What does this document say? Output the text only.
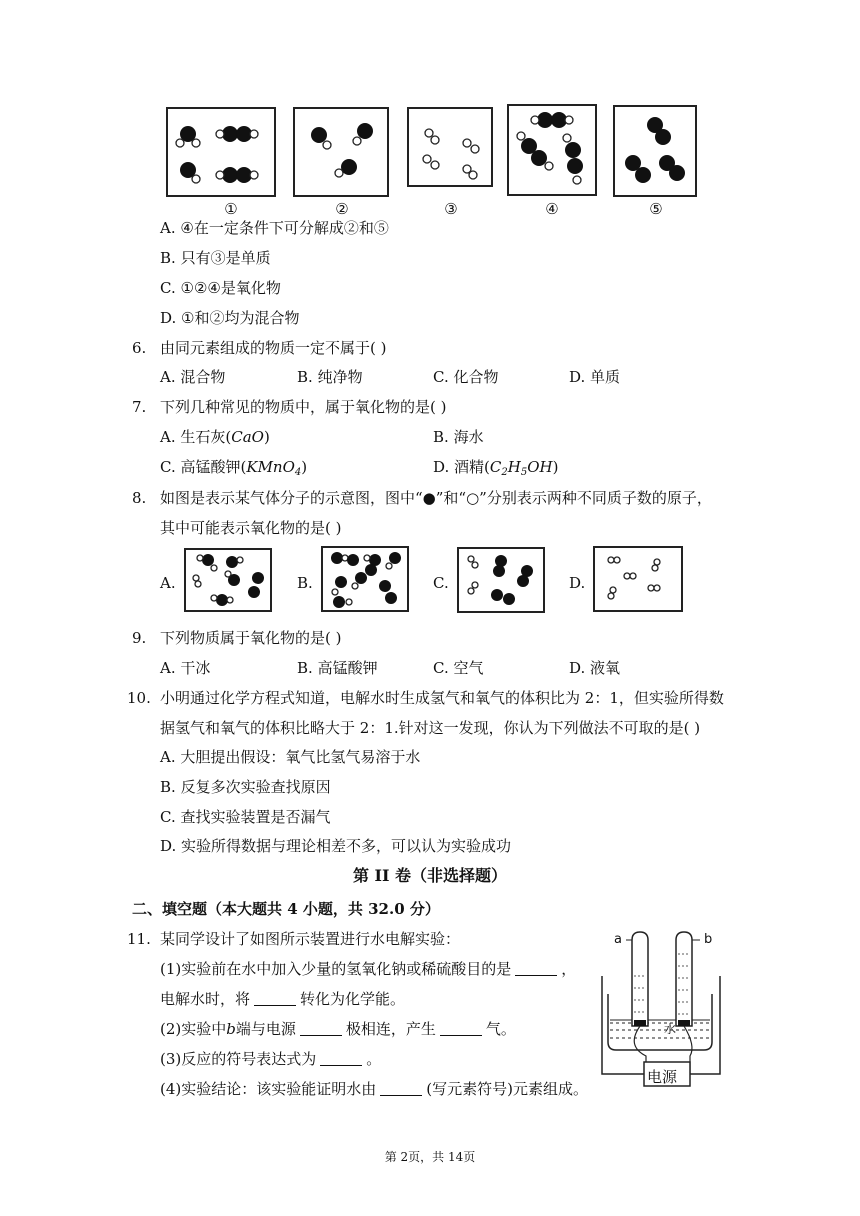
①	②	③	④	⑤
A. ④在一定条件下可分解成②和⑤
B. 只有③是单质
C. ①②④是氧化物
D. ①和②均为混合物
6. 由同元素组成的物质一定不属于( )
A. 混合物	B. 纯净物	C. 化合物	D. 单质
7. 下列几种常见的物质中，属于氧化物的是( )
A. 生石灰(CaO)	B. 海水
C. 高锰酸钾(KMnO$_4$)	D. 酒精$(C_2H_5OH)$
8. 如图是表示某气体分子的示意图，图中“●”和“○”分别表示两种不同质子数的原子，
其中可能表示氧化物的是( )
A.	B.	C.	D.
9. 下列物质属于氧化物的是( )
A. 干冰	B. 高锰酸钾	C. 空气	D. 液氧
10. 小明通过化学方程式知道，电解水时生成氢气和氧气的体积比为 2：1，但实验所得数
据氢气和氧气的体积比略大于 2：1.针对这一发现，你认为下列做法不可取的是( )
A. 大胆提出假设：氧气比氢气易溶于水
B. 反复多次实验查找原因
C. 查找实验装置是否漏气
D. 实验所得数据与理论相差不多，可以认为实验成功
第 II 卷（非选择题）
二、填空题（本大题共 4 小题，共 32.0 分）
11. 某同学设计了如图所示装置进行水电解实验：
(1)实验前在水中加入少量的氢氧化钠或稀硫酸目的是	，
电解水时，将	转化为化学能。
(2)实验中b端与电源	极相连，产生	气。
(3)反应的符号表达式为	。
(4)实验结论：该实验能证明水由	(写元素符号)元素组成。
a	b
水
电源
第 2页，共 14页
